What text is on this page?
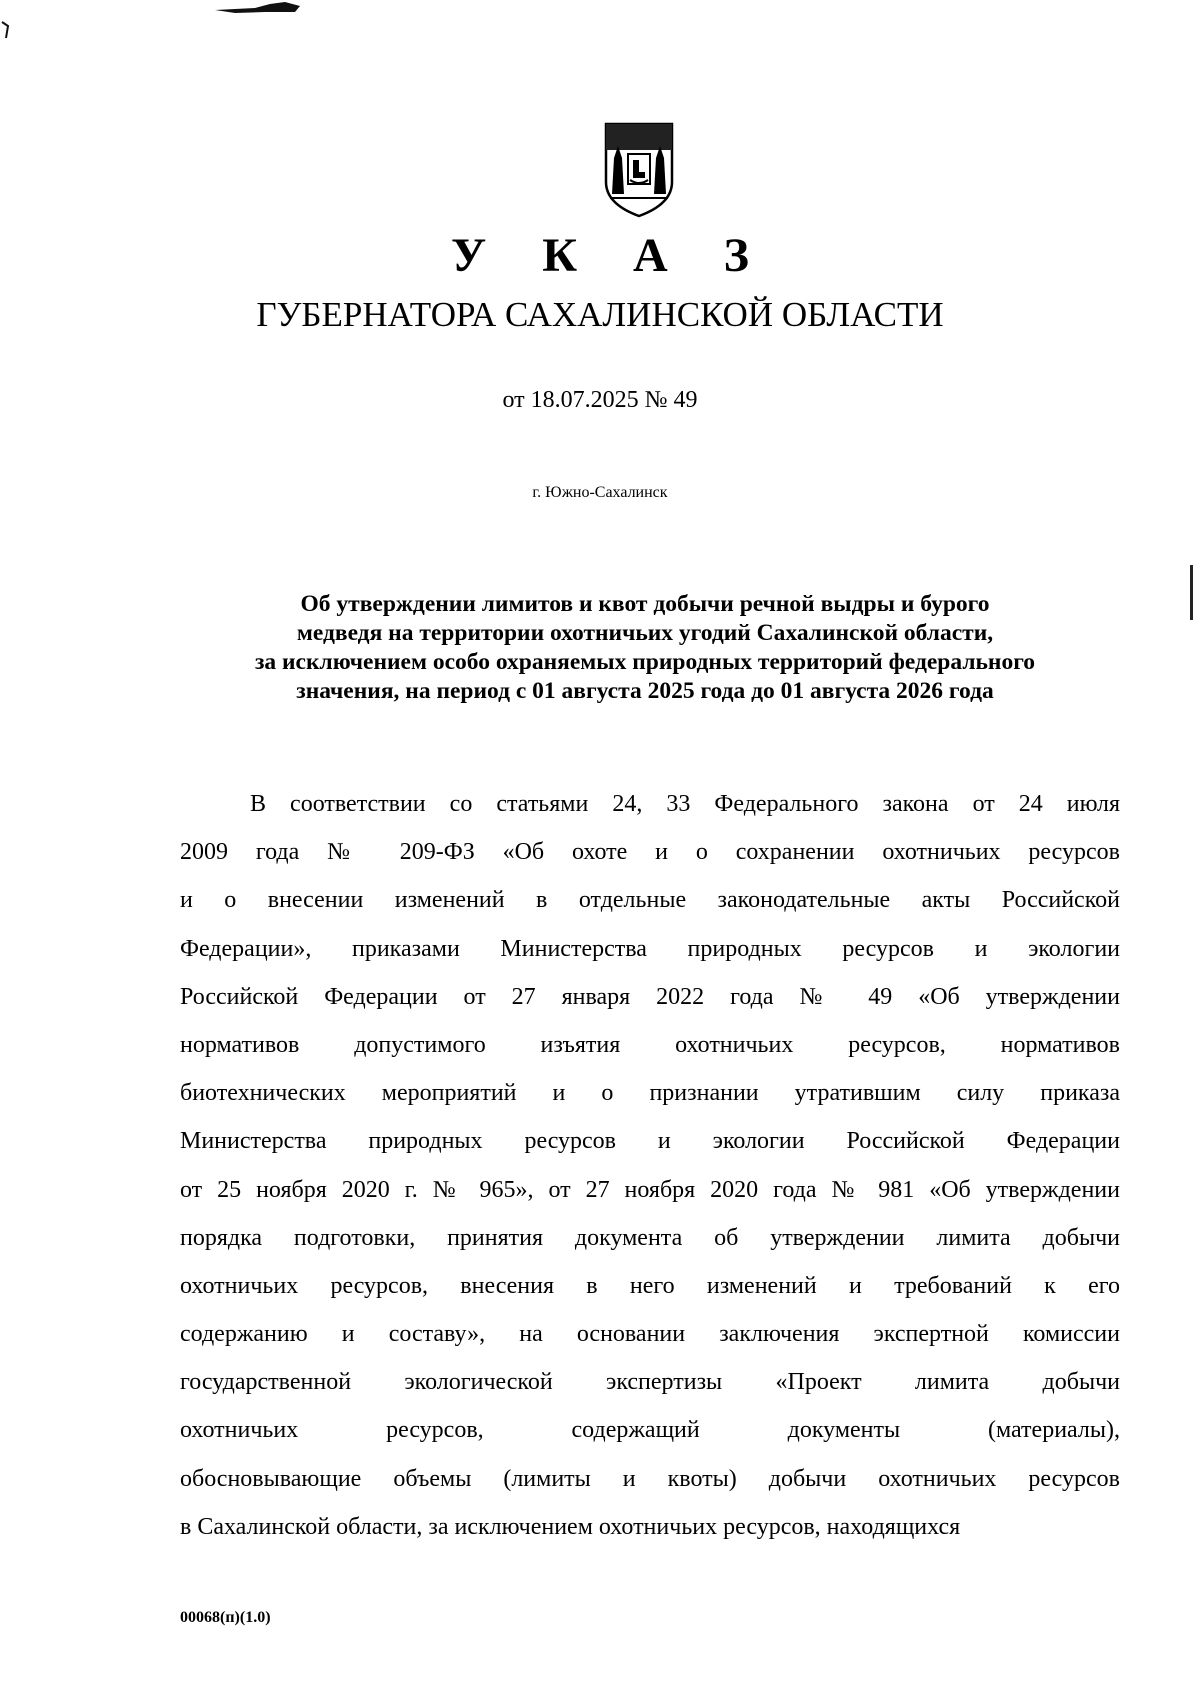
У К А З
ГУБЕРНАТОРА САХАЛИНСКОЙ ОБЛАСТИ
от 18.07.2025 № 49
г. Южно-Сахалинск
Об утверждении лимитов и квот добычи речной выдры и бурого
медведя на территории охотничьих угодий Сахалинской области,
за исключением особо охраняемых природных территорий федерального
значения, на период с 01 августа 2025 года до 01 августа 2026 года
В соответствии со статьями 24, 33 Федерального закона от 24 июля
2009 года № 209-ФЗ «Об охоте и о сохранении охотничьих ресурсов
и о внесении изменений в отдельные законодательные акты Российской
Федерации», приказами Министерства природных ресурсов и экологии
Российской Федерации от 27 января 2022 года № 49 «Об утверждении
нормативов допустимого изъятия охотничьих ресурсов, нормативов
биотехнических мероприятий и о признании утратившим силу приказа
Министерства природных ресурсов и экологии Российской Федерации
от 25 ноября 2020 г. № 965», от 27 ноября 2020 года № 981 «Об утверждении
порядка подготовки, принятия документа об утверждении лимита добычи
охотничьих ресурсов, внесения в него изменений и требований к его
содержанию и составу», на основании заключения экспертной комиссии
государственной экологической экспертизы «Проект лимита добычи
охотничьих ресурсов, содержащий документы (материалы),
обосновывающие объемы (лимиты и квоты) добычи охотничьих ресурсов
в Сахалинской области, за исключением охотничьих ресурсов, находящихся
00068(п)(1.0)
